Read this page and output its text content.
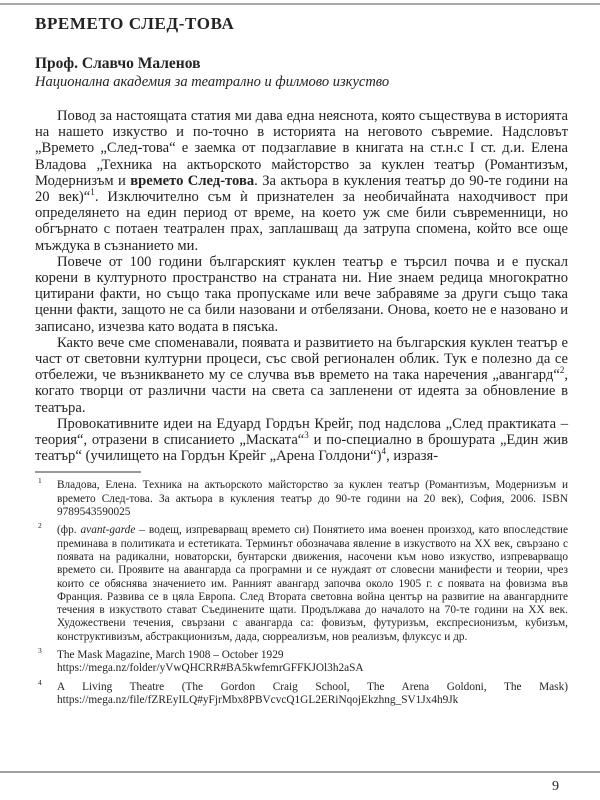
ВРЕМЕТО СЛЕД-ТОВА
Проф. Славчо Маленов
Национална академия за театрално и филмово изкуство

Повод за настоящата статия ми дава една неяснота, която съществува в историята на нашето изкуство и по-точно в историята на неговото съвремие. Надсловът „Времето „След-това“ е заемка от подзаглавие в книгата на ст.н.с I ст. д.и. Елена Владова „Техника на актьорското майсторство за куклен театър (Романтизъм, Модернизъм и времето След-това. За актьора в кукления театър до 90-те години на 20 век)“$^1$. Изключително съм ѝ признателен за необичайната находчивост при определянето на един период от време, на което уж сме били съвременници, но обгърнато с потаен театрален прах, заплашващ да затрупа спомена, който все още мъждука в съзнанието ми.

Повече от 100 години българският куклен театър е търсил почва и е пускал корени в културното пространство на страната ни. Ние знаем редица многократно цитирани факти, но също така пропускаме или вече забравяме за други също така ценни факти, защото не са били назовани и отбелязани. Онова, което не е назовано и записано, изчезва като водата в пясъка.

Както вече сме споменавали, появата и развитието на българския куклен театър е част от световни културни процеси, със свой регионален облик. Тук е полезно да се отбележи, че възникването му се случва във времето на така наречения „авангард“$^2$, когато творци от различни части на света са запленени от идеята за обновление в театъра.

Провокативните идеи на Едуард Гордън Крейг, под надслова „След практиката – теория“, отразени в списанието „Маската“$^3$ и по-специално в брошурата „Един жив театър“ (училището на Гордън Крейг „Арена Голдони“)$^4$, изразя-

1 Владова, Елена. Техника на актьорското майсторство за куклен театър (Романтизъм, Модернизъм и времето След-това. За актьора в кукления театър до 90-те години на 20 век), София, 2006. ISBN 9789543590025
2 (фр. avant-garde – водещ, изпреварващ времето си) Понятието има военен произход, като впоследствие преминава в политиката и естетиката. Терминът обозначава явление в изкуството на ХХ век, свързано с появата на радикални, новаторски, бунтарски движения, насочени към ново изкуство, изпреварващо времето си. Проявите на авангарда са програмни и се нуждаят от словесни манифести и теории, чрез които се обяснява значението им. Ранният авангард започва около 1905 г. с появата на фовизма във Франция. Развива се в цяла Европа. След Втората световна война център на развитие на авангардните течения в изкуството стават Съединените щати. Продължава до началото на 70-те години на ХХ век. Художествени течения, свързани с авангарда са: фовизъм, футуризъм, експресионизъм, кубизъм, конструктивизъм, абстракционизъм, дада, сюрреализъм, нов реализъм, флуксус и др.
3 The Mask Magazine, March 1908 – October 1929
https://mega.nz/folder/yVwQHCRR#BA5kwfemrGFFKJOl3h2aSA
4 A Living Theatre (The Gordon Craig School, The Arena Goldoni, The Mask) https://mega.nz/file/fZREyILQ#yFjrMbx8PBVcvcQ1GL2ERiNqojEkzhng_SV1Jx4h9Jk
9
